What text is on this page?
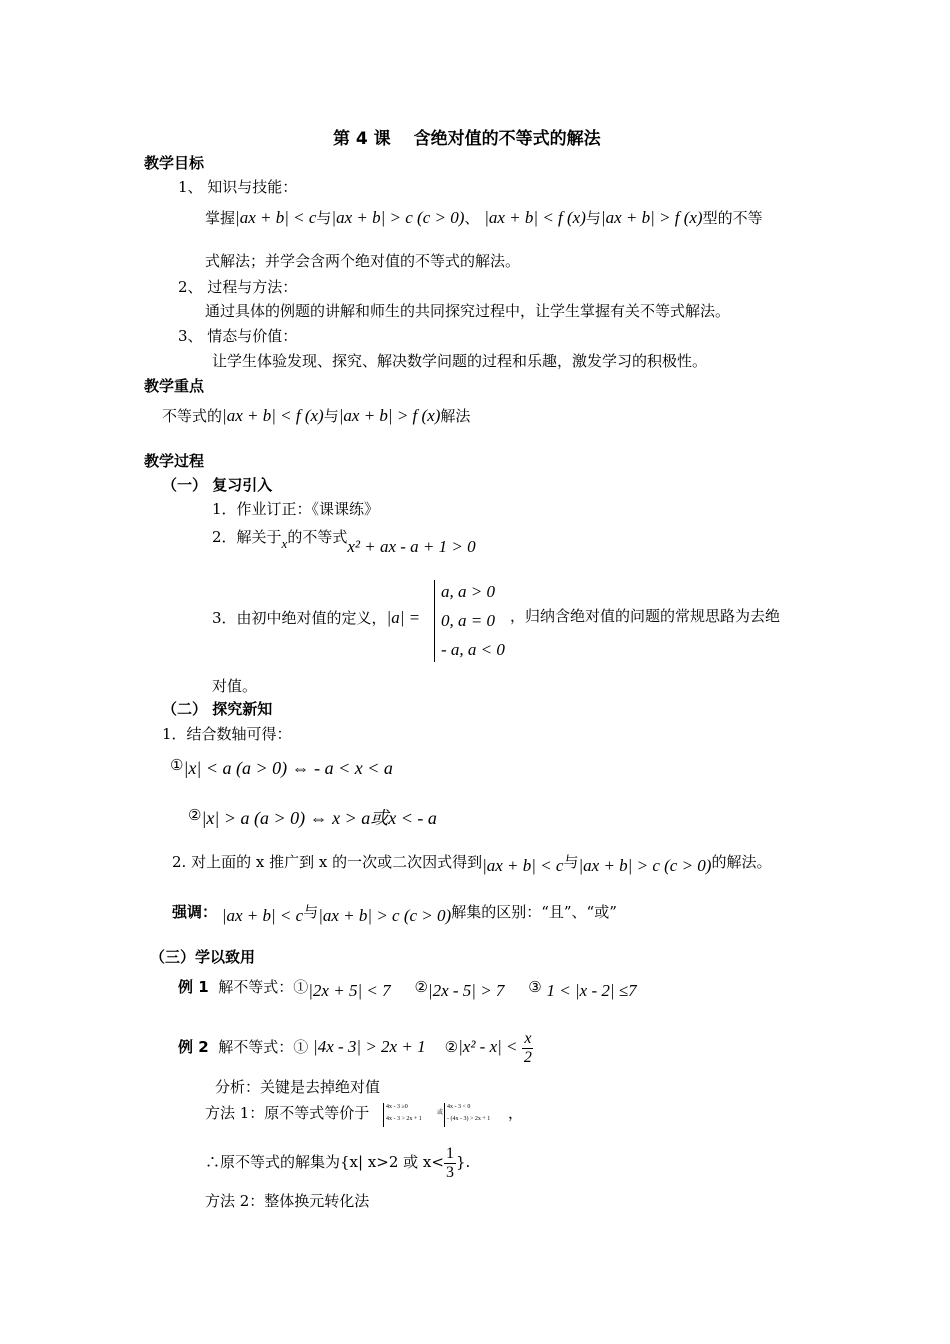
第 4 课　 含绝对值的不等式的解法
教学目标
1、 知识与技能：
掌握|ax + b| < c与|ax + b| > c (c > 0)、 |ax + b| < f (x)与|ax + b| > f (x)型的不等
式解法；并学会含两个绝对值的不等式的解法。
2、 过程与方法：
通过具体的例题的讲解和师生的共同探究过程中，让学生掌握有关不等式解法。
3、 情态与价值：
让学生体验发现、探究、解决数学问题的过程和乐趣，激发学习的积极性。
教学重点
不等式的|ax + b| < f (x)与|ax + b| > f (x)解法
教学过程
（一） 复习引入
1．作业订正：《课课练》
2．解关于x的不等式x² + ax - a + 1 > 0
3．由初中绝对值的定义，|a| =
a, a > 0
0, a = 0
- a, a < 0
，归纳含绝对值的问题的常规思路为去绝
对值。
（二） 探究新知
1．结合数轴可得：
①|x| < a (a > 0) ⇔ - a < x < a
②|x| > a (a > 0) ⇔ x > a或x < - a
2. 对上面的 x 推广到 x 的一次或二次因式得到|ax + b| < c与|ax + b| > c (c > 0)的解法。
强调： |ax + b| < c与|ax + b| > c (c > 0)解集的区别：“且”、“或”
（三）学以致用
例 1 解不等式：①|2x + 5| < 7 ②|2x - 5| > 7 ③ 1 < |x - 2| ≤7
例 2 解不等式：① |4x - 3| > 2x + 1 ②|x² - $x| < \frac{x}{2}$
分析：关键是去掉绝对值
方法 1：原不等式等价于	4x - 3 ≥0
4x - 3 > 2x + 1
或
4x - 3 < 0
- (4x - 3) > 2x + 1 ，
∴原不等式的解集为{x| x>2 或 $x< \frac{1}{3}$ }.
方法 2：整体换元转化法
